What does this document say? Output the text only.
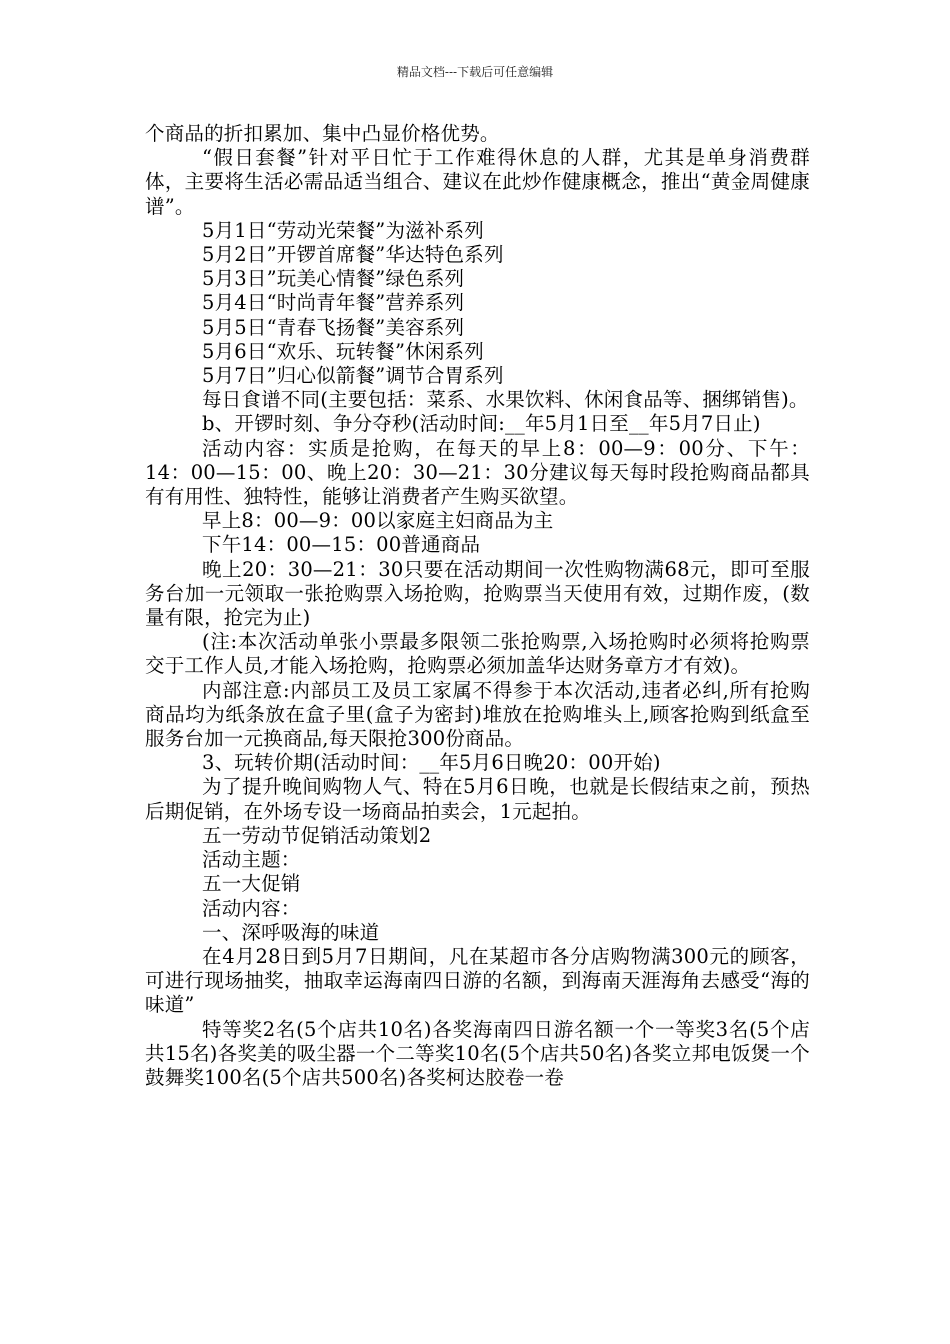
精品文档---下载后可任意编辑

个商品的折扣累加、集中凸显价格优势。

“假日套餐”针对平日忙于工作难得休息的人群，尤其是单身消费群体，主要将生活必需品适当组合、建议在此炒作健康概念，推出“黄金周健康谱”。

5月1日“劳动光荣餐”为滋补系列

5月2日”开锣首席餐”华达特色系列

5月3日”玩美心情餐”绿色系列

5月4日“时尚青年餐”营养系列

5月5日“青春飞扬餐”美容系列

5月6日“欢乐、玩转餐”休闲系列

5月7日”归心似箭餐”调节合胃系列

每日食谱不同(主要包括：菜系、水果饮料、休闲食品等、捆绑销售)。

b、开锣时刻、争分夺秒(活动时间:__年5月1日至__年5月7日止)

活动内容：实质是抢购，在每天的早上8：00—9：00分、下午：14：00—15：00、晚上20：30—21：30分建议每天每时段抢购商品都具有有用性、独特性，能够让消费者产生购买欲望。

早上8：00—9：00以家庭主妇商品为主

下午14：00—15：00普通商品

晚上20：30—21：30只要在活动期间一次性购物满68元，即可至服务台加一元领取一张抢购票入场抢购，抢购票当天使用有效，过期作废，(数量有限，抢完为止)

(注:本次活动单张小票最多限领二张抢购票,入场抢购时必须将抢购票交于工作人员,才能入场抢购，抢购票必须加盖华达财务章方才有效)。

内部注意:内部员工及员工家属不得参于本次活动,违者必纠,所有抢购商品均为纸条放在盒子里(盒子为密封)堆放在抢购堆头上,顾客抢购到纸盒至服务台加一元换商品,每天限抢300份商品。

3、玩转价期(活动时间：__年5月6日晚20：00开始)

为了提升晚间购物人气、特在5月6日晚，也就是长假结束之前，预热后期促销，在外场专设一场商品拍卖会，1元起拍。

五一劳动节促销活动策划2

活动主题：

五一大促销

活动内容：

一、深呼吸海的味道

在4月28日到5月7日期间，凡在某超市各分店购物满300元的顾客，可进行现场抽奖，抽取幸运海南四日游的名额，到海南天涯海角去感受“海的味道”

特等奖2名(5个店共10名)各奖海南四日游名额一个一等奖3名(5个店共15名)各奖美的吸尘器一个二等奖10名(5个店共50名)各奖立邦电饭煲一个鼓舞奖100名(5个店共500名)各奖柯达胶卷一卷
